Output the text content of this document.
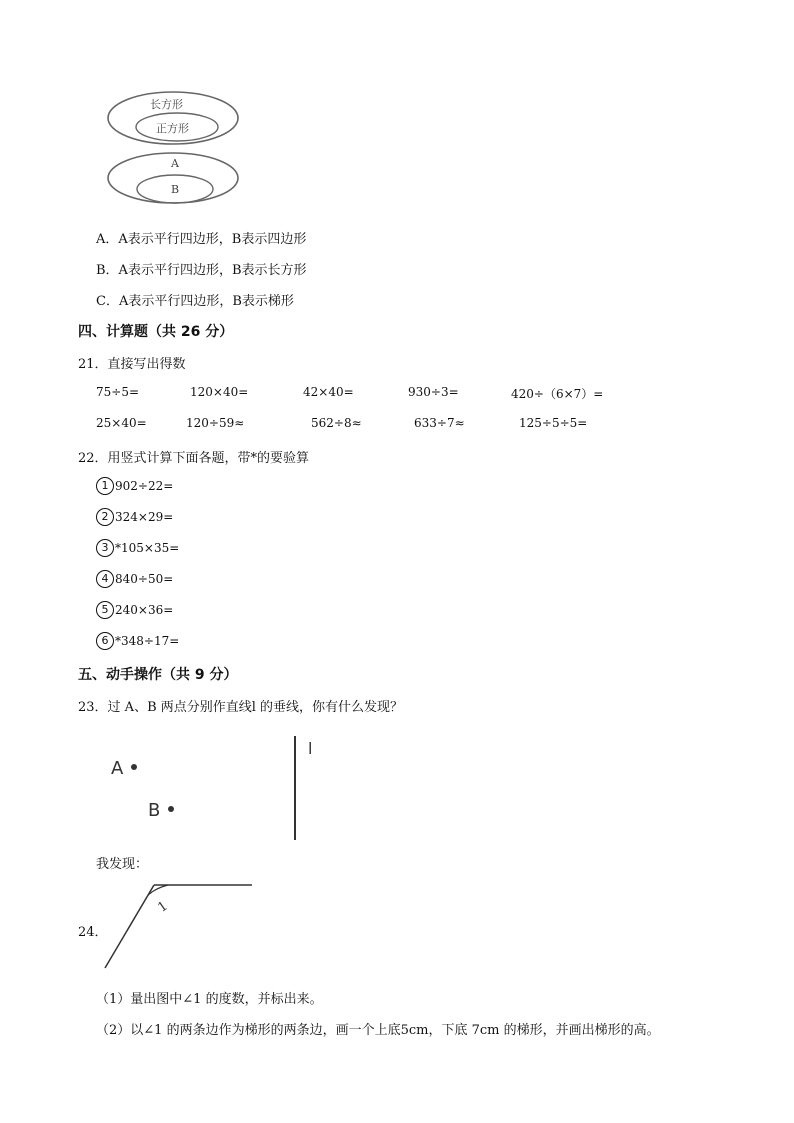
长方形
正方形
A
B
A．A表示平行四边形，B表示四边形
B．A表示平行四边形，B表示长方形
C．A表示平行四边形，B表示梯形
四、计算题（共 26 分）
21．直接写出得数
75÷5=	120×40=	42×40=	930÷3=	420÷（6×7）=
25×40=	120÷59≈	562÷8≈	633÷7≈	125÷5÷5=
22．用竖式计算下面各题，带*的要验算
1 902÷22=
2 324×29=
3 *105×35=
4 840÷50=
5 240×36=
6 *348÷17=
五、动手操作（共 9 分）
23．过 A、B 两点分别作直线l 的垂线，你有什么发现？
A
B
l
我发现：
24．
1
（1）量出图中∠1 的度数，并标出来。
（2）以∠1 的两条边作为梯形的两条边，画一个上底5cm，下底 7cm 的梯形，并画出梯形的高。
